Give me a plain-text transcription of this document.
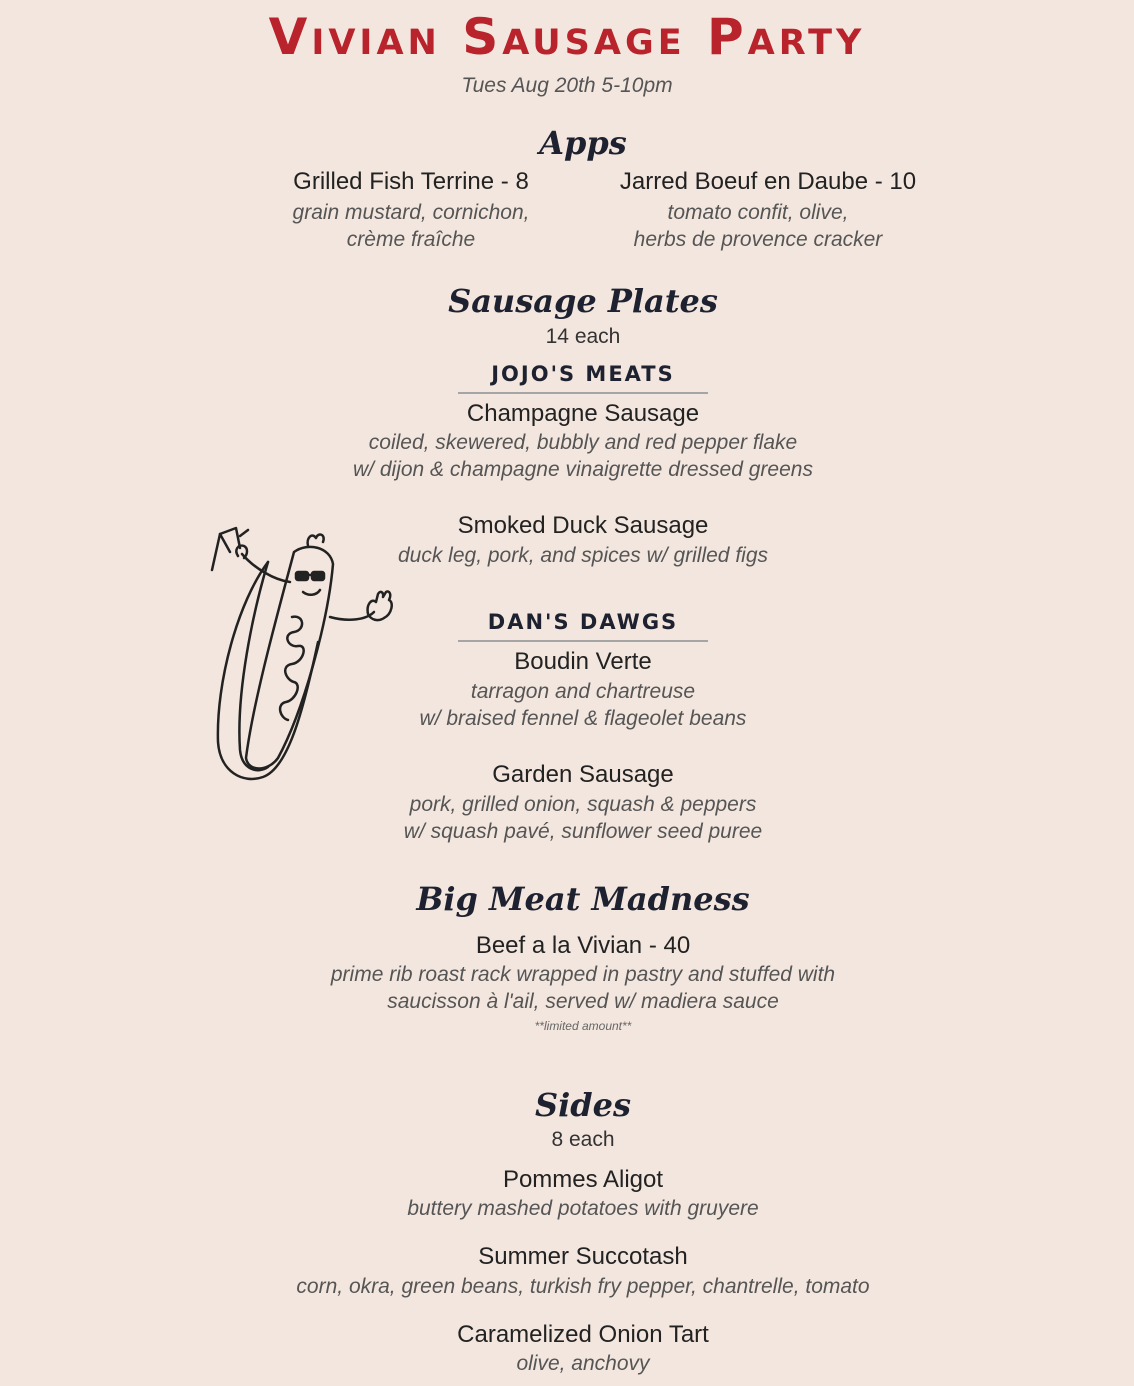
Vivian Sausage Party
Tues Aug 20th 5-10pm
Apps
Grilled Fish Terrine - 8
grain mustard, cornichon,
crème fraîche
Jarred Boeuf en Daube - 10
tomato confit, olive,
herbs de provence cracker
Sausage Plates
14 each
JOJO'S MEATS
Champagne Sausage
coiled, skewered, bubbly and red pepper flake
w/ dijon & champagne vinaigrette dressed greens
Smoked Duck Sausage
duck leg, pork, and spices w/ grilled figs
DAN'S DAWGS
Boudin Verte
tarragon and chartreuse
w/ braised fennel & flageolet beans
Garden Sausage
pork, grilled onion, squash & peppers
w/ squash pavé, sunflower seed puree
Big Meat Madness
Beef a la Vivian - 40
prime rib roast rack wrapped in pastry and stuffed with
saucisson à l'ail, served w/ madiera sauce
**limited amount**
Sides
8 each
Pommes Aligot
buttery mashed potatoes with gruyere
Summer Succotash
corn, okra, green beans, turkish fry pepper, chantrelle, tomato
Caramelized Onion Tart
olive, anchovy
